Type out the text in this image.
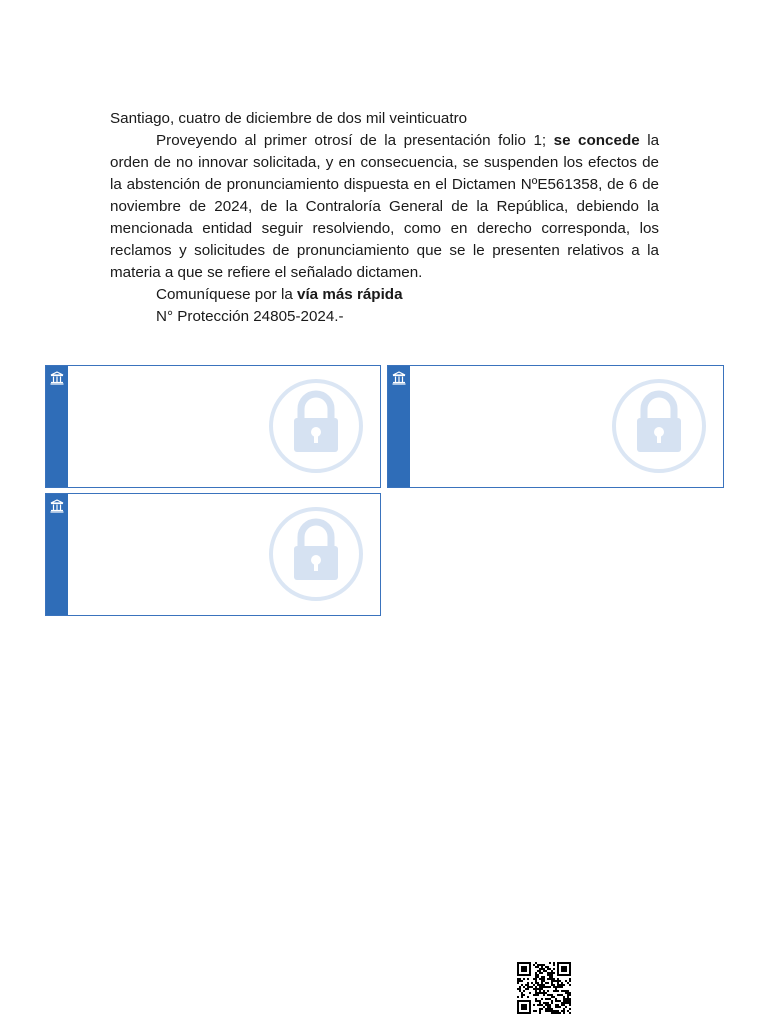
Santiago, cuatro de diciembre de dos mil veinticuatro

Proveyendo al primer otrosí de la presentación folio 1; se concede la orden de no innovar solicitada, y en consecuencia, se suspenden los efectos de la abstención de pronunciamiento dispuesta en el Dictamen NºE561358, de 6 de noviembre de 2024, de la Contraloría General de la República, debiendo la mencionada entidad seguir resolviendo, como en derecho corresponda, los reclamos y solicitudes de pronunciamiento que se le presenten relativos a la materia a que se refiere el señalado dictamen.

Comuníquese por la vía más rápida

N° Protección 24805-2024.-
